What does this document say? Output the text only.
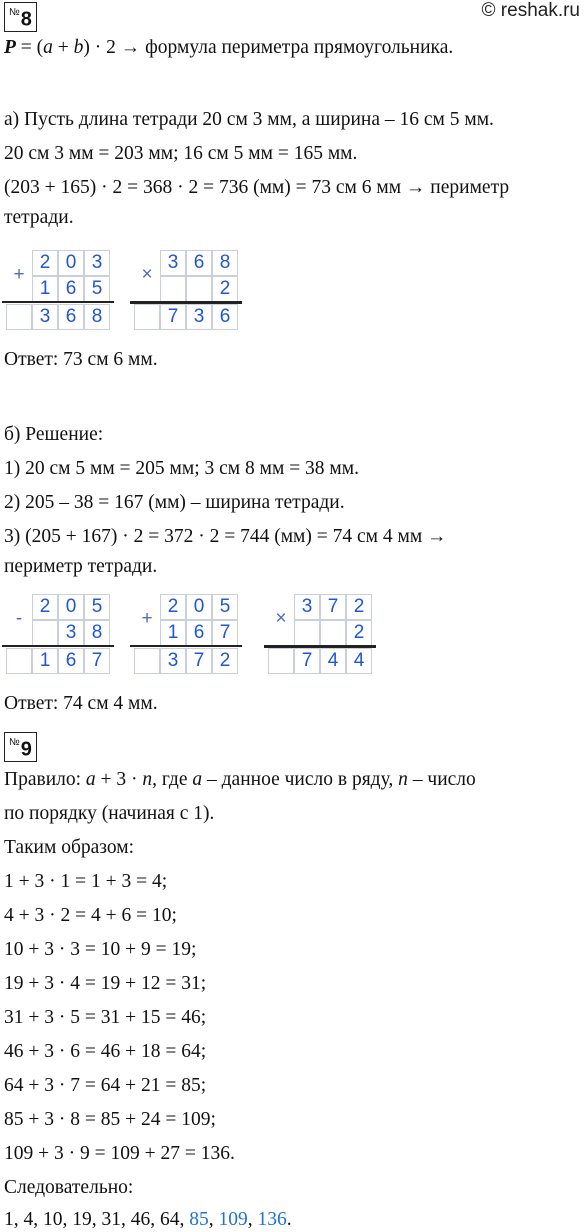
© reshak.ru
№8
P = (a + b) · 2 → формула периметра прямоугольника.
а) Пусть длина тетради 20 см 3 мм, а ширина – 16 см 5 мм.
20 см 3 мм = 203 мм; 16 см 5 мм = 165 мм.
(203 + 165) · 2 = 368 · 2 = 736 (мм) = 73 см 6 мм → периметр
тетради.
+
2 0 3
1 6 5
3 6 8
×
3 6 8
2
7 3 6
Ответ: 73 см 6 мм.
б) Решение:
1) 20 см 5 мм = 205 мм; 3 см 8 мм = 38 мм.
2) 205 – 38 = 167 (мм) – ширина тетради.
3) (205 + 167) · 2 = 372 · 2 = 744 (мм) = 74 см 4 мм →
периметр тетради.
-
2 0 5
3 8
1 6 7
+
2 0 5
1 6 7
3 7 2
×
3 7 2
2
7 4 4
Ответ: 74 см 4 мм.
№9
Правило: a + 3 · n, где a – данное число в ряду, n – число
по порядку (начиная с 1).
Таким образом:
1 + 3 · 1 = 1 + 3 = 4;
4 + 3 · 2 = 4 + 6 = 10;
10 + 3 · 3 = 10 + 9 = 19;
19 + 3 · 4 = 19 + 12 = 31;
31 + 3 · 5 = 31 + 15 = 46;
46 + 3 · 6 = 46 + 18 = 64;
64 + 3 · 7 = 64 + 21 = 85;
85 + 3 · 8 = 85 + 24 = 109;
109 + 3 · 9 = 109 + 27 = 136.
Следовательно:
1, 4, 10, 19, 31, 46, 64, 85, 109, 136.
